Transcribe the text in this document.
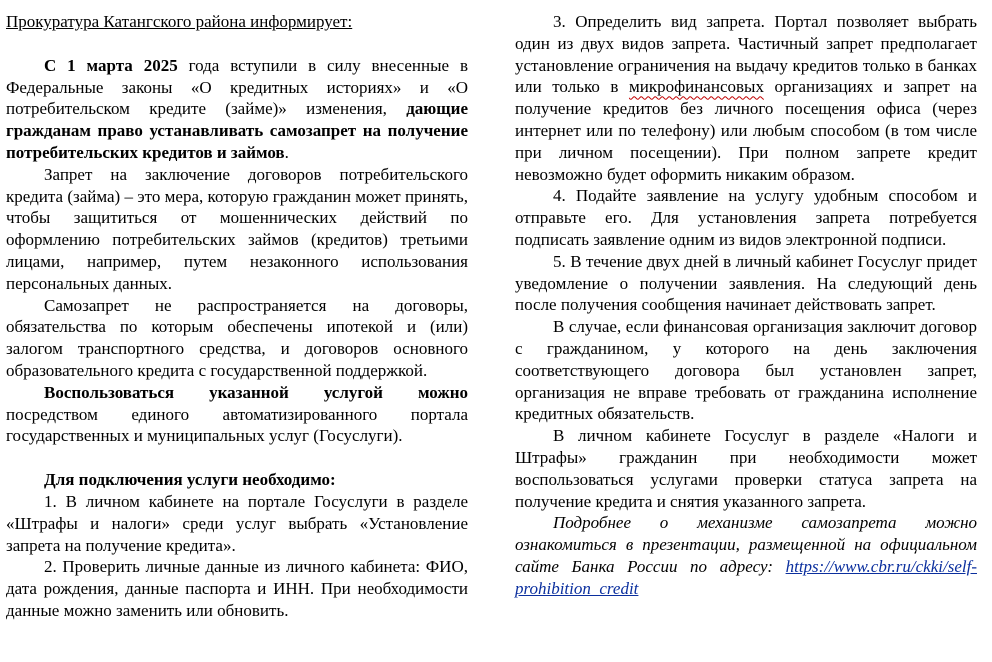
Прокуратура Катангского района информирует:

С 1 марта 2025 года вступили в силу внесенные в Федеральные законы «О кредитных историях» и «О потребительском кредите (займе)» изменения, дающие гражданам право устанавливать самозапрет на получение потребительских кредитов и займов.

Запрет на заключение договоров потребительского кредита (займа) – это мера, которую гражданин может принять, чтобы защититься от мошеннических действий по оформлению потребительских займов (кредитов) третьими лицами, например, путем незаконного использования персональных данных.

Самозапрет не распространяется на договоры, обязательства по которым обеспечены ипотекой и (или) залогом транспортного средства, и договоров основного образовательного кредита с государственной поддержкой.

Воспользоваться указанной услугой можно посредством единого автоматизированного портала государственных и муниципальных услуг (Госуслуги).

Для подключения услуги необходимо:

1. В личном кабинете на портале Госуслуги в разделе «Штрафы и налоги» среди услуг выбрать «Установление запрета на получение кредита».

2. Проверить личные данные из личного кабинета: ФИО, дата рождения, данные паспорта и ИНН. При необходимости данные можно заменить или обновить.

3. Определить вид запрета. Портал позволяет выбрать один из двух видов запрета. Частичный запрет предполагает установление ограничения на выдачу кредитов только в банках или только в микрофинансовых организациях и запрет на получение кредитов без личного посещения офиса (через интернет или по телефону) или любым способом (в том числе при личном посещении). При полном запрете кредит невозможно будет оформить никаким образом.

4. Подайте заявление на услугу удобным способом и отправьте его. Для установления запрета потребуется подписать заявление одним из видов электронной подписи.

5. В течение двух дней в личный кабинет Госуслуг придет уведомление о получении заявления. На следующий день после получения сообщения начинает действовать запрет.

В случае, если финансовая организация заключит договор с гражданином, у которого на день заключения соответствующего договора был установлен запрет, организация не вправе требовать от гражданина исполнение кредитных обязательств.

В личном кабинете Госуслуг в разделе «Налоги и Штрафы» гражданин при необходимости может воспользоваться услугами проверки статуса запрета на получение кредита и снятия указанного запрета.

Подробнее о механизме самозапрета можно ознакомиться в презентации, размещенной на официальном сайте Банка России по адресу: https://www.cbr.ru/ckki/self-prohibition_credit
